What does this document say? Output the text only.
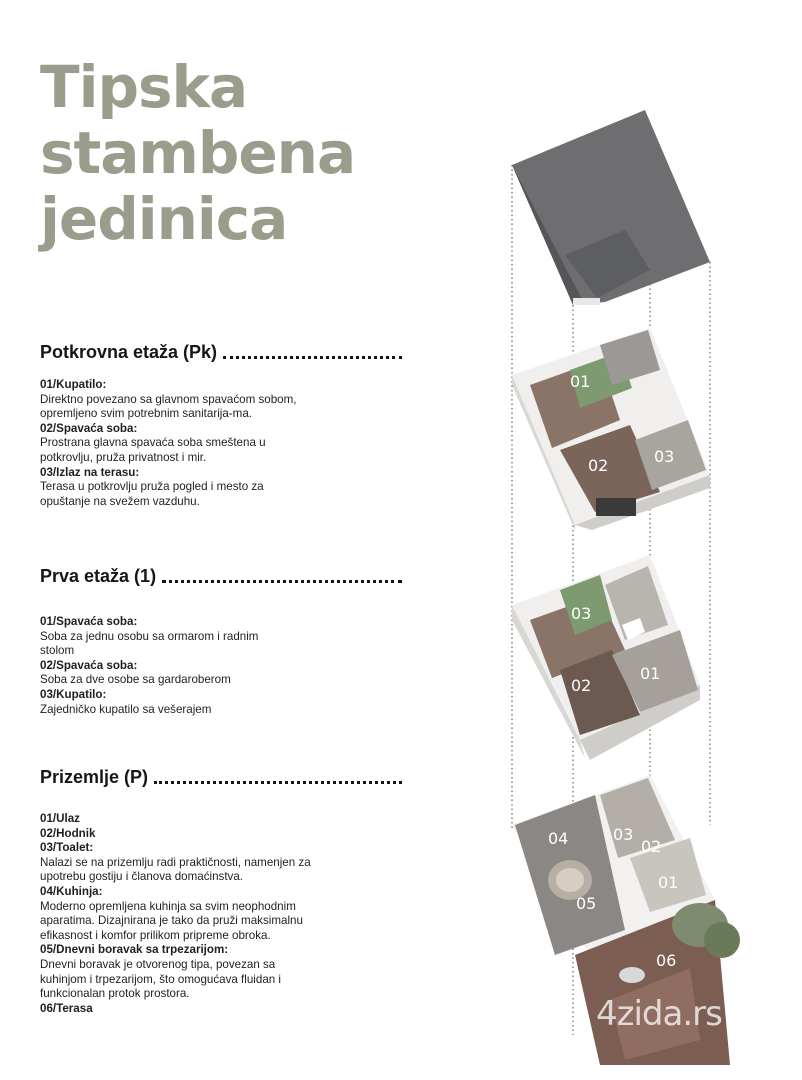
Tipska
stambena
jedinica
Potkrovna etaža (Pk)

01/Kupatilo:

Direktno povezano sa glavnom spavaćom sobom, opremljeno svim potrebnim sanitarija-ma.

02/Spavaća soba:

Prostrana glavna spavaća soba smeštena u potkrovlju, pruža privatnost i mir.

03/Izlaz na terasu:

Terasa u potkrovlju pruža pogled i mesto za opuštanje na svežem vazduhu.

Prva etaža (1)

01/Spavaća soba:

Soba za jednu osobu sa ormarom i radnim stolom

02/Spavaća soba:

Soba za dve osobe sa gardaroberom

03/Kupatilo:

Zajedničko kupatilo sa vešerajem

Prizemlje (P)

01/Ulaz

02/Hodnik

03/Toalet:

Nalazi se na prizemlju radi praktičnosti, namenjen za upotrebu gostiju i članova domaćinstva.

04/Kuhinja:

Moderno opremljena kuhinja sa svim neophodnim aparatima. Dizajnirana je tako da pruži maksimalnu efikasnost i komfor prilikom pripreme obroka.

05/Dnevni boravak sa trpezarijom:

Dnevni boravak je otvorenog tipa, povezan sa kuhinjom i trpezarijom, što omogućava fluidan i funkcionalan protok prostora.

06/Terasa

01
02	03
03
02
01
04	03
02
01
05
06
4zida.rs
